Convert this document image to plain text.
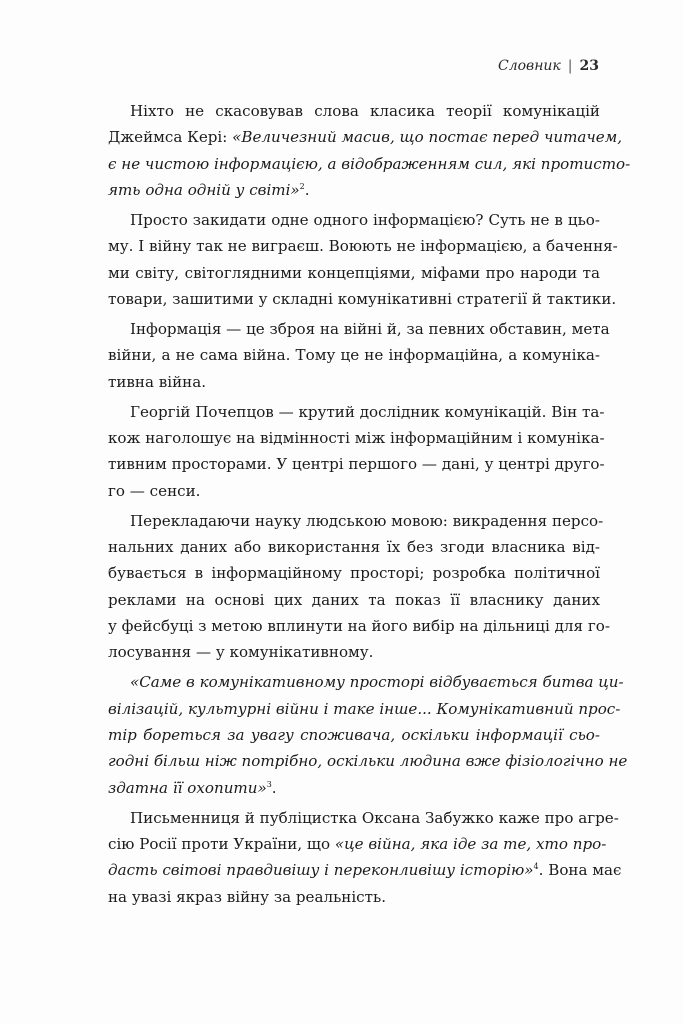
Словник | 23
Ніхто не скасовував слова класика теорії комунікацій
Джеймса Кері: «Величезний масив, що постає перед читачем,
є не чистою інформацією, а відображенням сил, які протисто-
ять одна одній у світі»$^2$.
Просто закидати одне одного інформацією? Суть не в цьо-
му. І війну так не виграєш. Воюють не інформацією, а бачення-
ми світу, світоглядними концепціями, міфами про народи та
товари, зашитими у складні комунікативні стратегії й тактики.
Інформація — це зброя на війні й, за певних обставин, мета
війни, а не сама війна. Тому це не інформаційна, а комуніка-
тивна війна.
Георгій Почепцов — крутий дослідник комунікацій. Він та-
кож наголошує на відмінності між інформаційним і комуніка-
тивним просторами. У центрі першого — дані, у центрі друго-
го — сенси.
Перекладаючи науку людською мовою: викрадення персо-
нальних даних або використання їх без згоди власника від-
бувається в інформаційному просторі; розробка політичної
реклами на основі цих даних та показ її власнику даних
у фейсбуці з метою вплинути на його вибір на дільниці для го-
лосування — у комунікативному.
«Саме в комунікативному просторі відбувається битва ци-
вілізацій, культурні війни і таке інше... Комунікативний прос-
тір бореться за увагу споживача, оскільки інформації сьо-
годні більш ніж потрібно, оскільки людина вже фізіологічно не
здатна її охопити»$^3$.
Письменниця й публіцистка Оксана Забужко каже про агре-
сію Росії проти України, що «це війна, яка іде за те, хто про-
дасть світові правдивішу і переконливішу історію»$^4$. Вона має
на увазі якраз війну за реальність.
